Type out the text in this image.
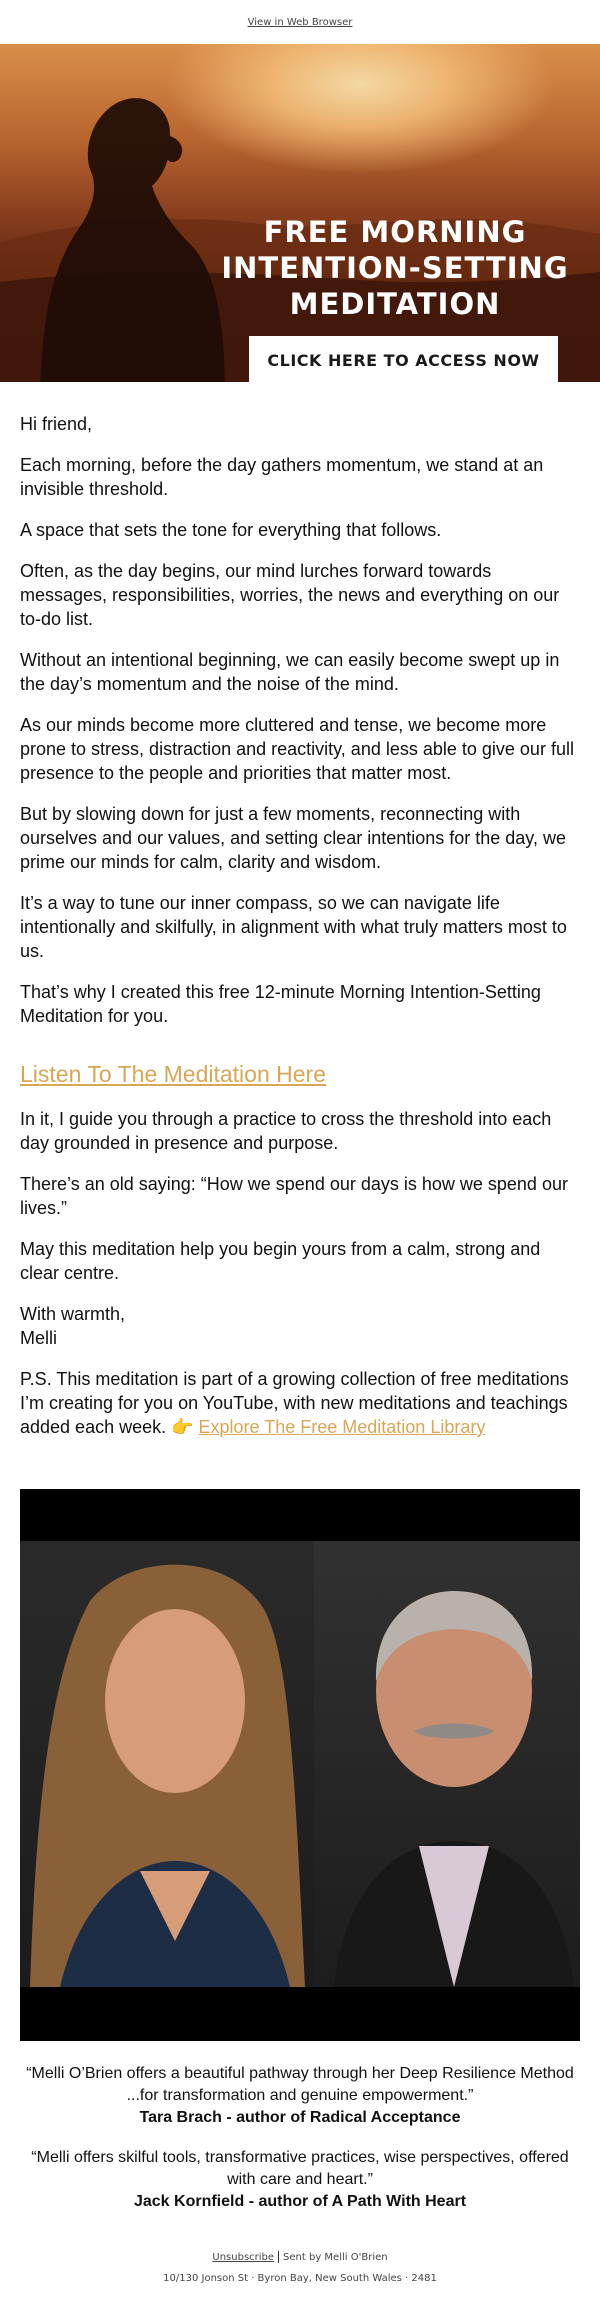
View in Web Browser
FREE MORNING
INTENTION-SETTING
MEDITATION
CLICK HERE TO ACCESS NOW

Hi friend,

Each morning, before the day gathers momentum, we stand at an invisible threshold.

A space that sets the tone for everything that follows.

Often, as the day begins, our mind lurches forward towards messages, responsibilities, worries, the news and everything on our to-do list.

Without an intentional beginning, we can easily become swept up in the day’s momentum and the noise of the mind.

As our minds become more cluttered and tense, we become more prone to stress, distraction and reactivity, and less able to give our full presence to the people and priorities that matter most.

But by slowing down for just a few moments, reconnecting with ourselves and our values, and setting clear intentions for the day, we prime our minds for calm, clarity and wisdom.

It’s a way to tune our inner compass, so we can navigate life intentionally and skilfully, in alignment with what truly matters most to us.

That’s why I created this free 12-minute Morning Intention-Setting Meditation for you.

Listen To The Meditation Here

In it, I guide you through a practice to cross the threshold into each day grounded in presence and purpose.

There’s an old saying: “How we spend our days is how we spend our lives.”

May this meditation help you begin yours from a calm, strong and clear centre.

With warmth,
Melli

P.S. This meditation is part of a growing collection of free meditations I’m creating for you on YouTube, with new meditations and teachings added each week. 👉 Explore The Free Meditation Library

“Melli O’Brien offers a beautiful pathway through her Deep Resilience Method ...for transformation and genuine empowerment.”
Tara Brach - author of Radical Acceptance
“Melli offers skilful tools, transformative practices, wise perspectives, offered with care and heart.”
Jack Kornfield - author of A Path With Heart
Unsubscribe Sent by Melli O'Brien
10/130 Jonson St · Byron Bay, New South Wales · 2481
